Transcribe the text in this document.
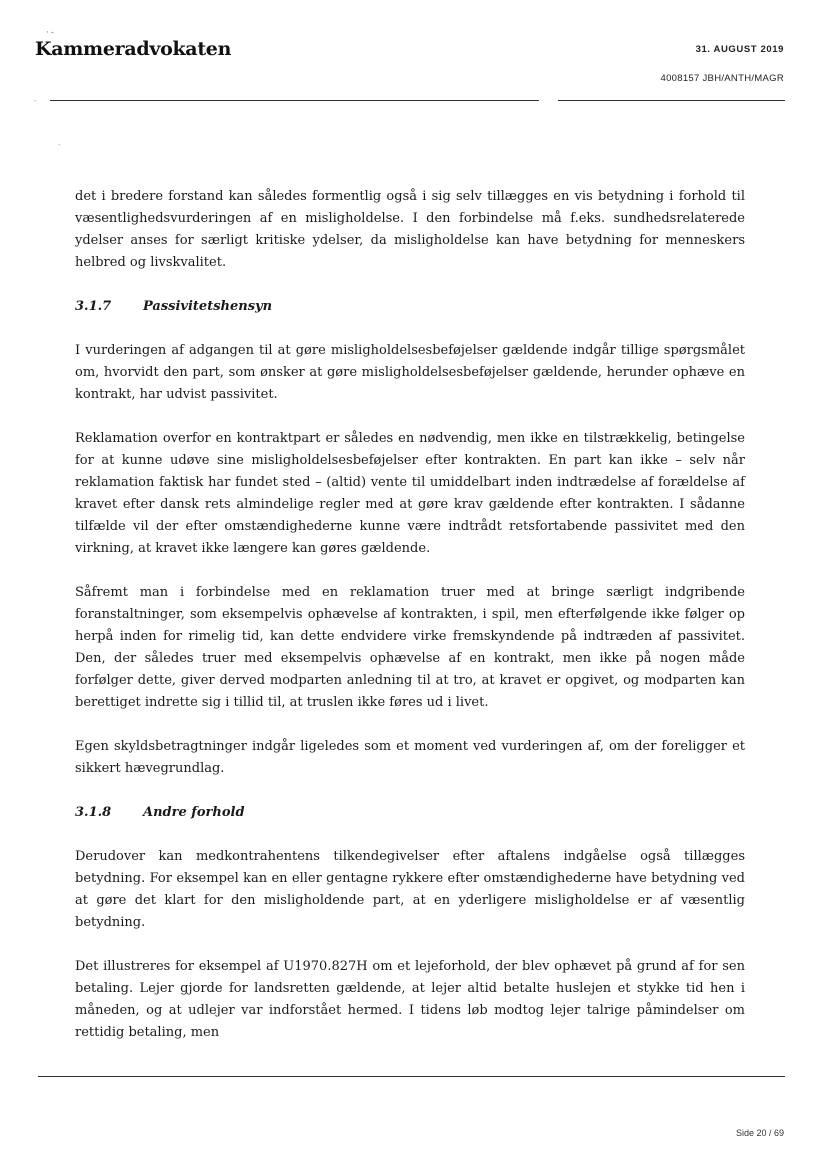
·-
Kammeradvokaten	31. AUGUST 2019
4008157 JBH/ANTH/MAGR
-
-

det i bredere forstand kan således formentlig også i sig selv tillægges en vis betydning i forhold til væsentlighedsvurderingen af en misligholdelse. I den forbindelse må f.eks. sundhedsrelaterede ydelser anses for særligt kritiske ydelser, da misligholdelse kan have betydning for menneskers helbred og livskvalitet.

3.1.7 Passivitetshensyn

I vurderingen af adgangen til at gøre misligholdelsesbeføjelser gældende indgår tillige spørgsmålet om, hvorvidt den part, som ønsker at gøre misligholdelsesbeføjelser gældende, herunder ophæve en kontrakt, har udvist passivitet.

Reklamation overfor en kontraktpart er således en nødvendig, men ikke en tilstrækkelig, betingelse for at kunne udøve sine misligholdelsesbeføjelser efter kontrakten. En part kan ikke – selv når reklamation faktisk har fundet sted – (altid) vente til umiddelbart inden indtrædelse af forældelse af kravet efter dansk rets almindelige regler med at gøre krav gældende efter kontrakten. I sådanne tilfælde vil der efter omstændighederne kunne være indtrådt retsfortabende passivitet med den virkning, at kravet ikke længere kan gøres gældende.

Såfremt man i forbindelse med en reklamation truer med at bringe særligt indgribende foranstaltninger, som eksempelvis ophævelse af kontrakten, i spil, men efterfølgende ikke følger op herpå inden for rimelig tid, kan dette endvidere virke fremskyndende på indtræden af passivitet. Den, der således truer med eksempelvis ophævelse af en kontrakt, men ikke på nogen måde forfølger dette, giver derved modparten anledning til at tro, at kravet er opgivet, og modparten kan berettiget indrette sig i tillid til, at truslen ikke føres ud i livet.

Egen skyldsbetragtninger indgår ligeledes som et moment ved vurderingen af, om der foreligger et sikkert hævegrundlag.

3.1.8 Andre forhold

Derudover kan medkontrahentens tilkendegivelser efter aftalens indgåelse også tillægges betydning. For eksempel kan en eller gentagne rykkere efter omstændighederne have betydning ved at gøre det klart for den misligholdende part, at en yderligere misligholdelse er af væsentlig betydning.

Det illustreres for eksempel af U1970.827H om et lejeforhold, der blev ophævet på grund af for sen betaling. Lejer gjorde for landsretten gældende, at lejer altid betalte huslejen et stykke tid hen i måneden, og at udlejer var indforstået hermed. I tidens løb modtog lejer talrige påmindelser om rettidig betaling, men

Side 20 / 69
